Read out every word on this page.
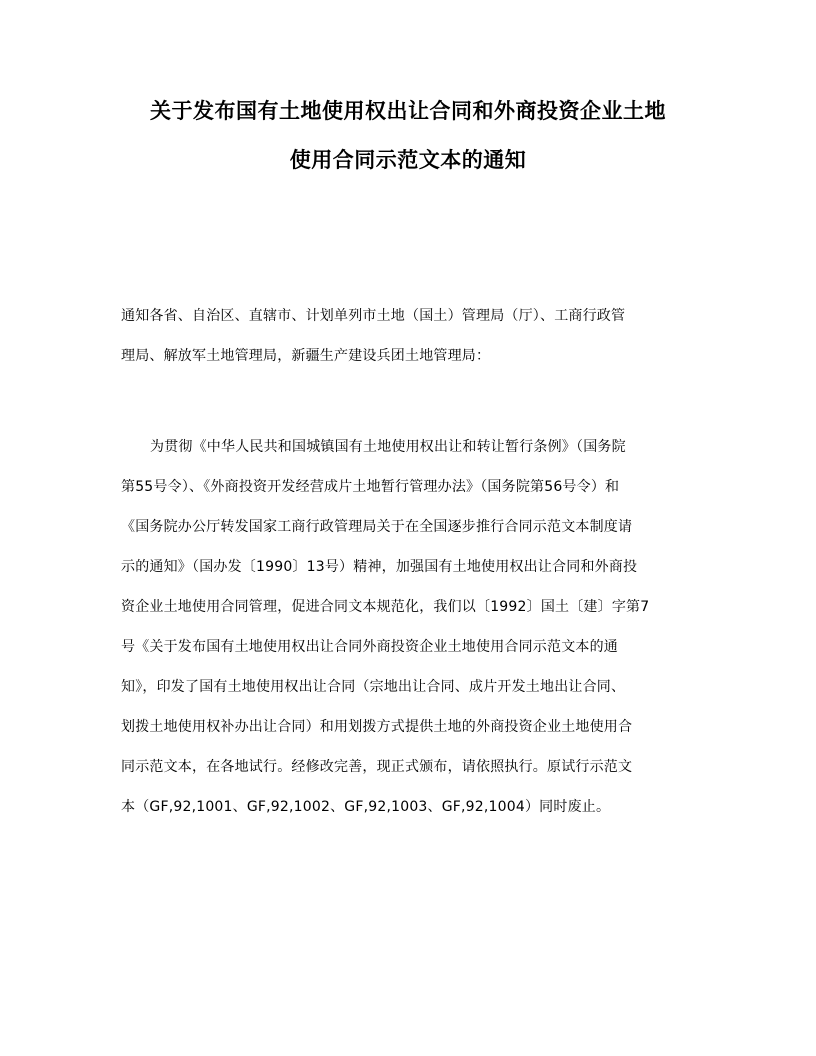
关于发布国有土地使用权出让合同和外商投资企业土地
使用合同示范文本的通知
通知各省、自治区、直辖市、计划单列市土地（国土）管理局（厅）、工商行政管
理局、解放军土地管理局，新疆生产建设兵团土地管理局：
为贯彻《中华人民共和国城镇国有土地使用权出让和转让暂行条例》（国务院
第55号令）、《外商投资开发经营成片土地暂行管理办法》（国务院第56号令）和
《国务院办公厅转发国家工商行政管理局关于在全国逐步推行合同示范文本制度请
示的通知》（国办发〔1990〕13号）精神，加强国有土地使用权出让合同和外商投
资企业土地使用合同管理，促进合同文本规范化，我们以〔1992〕国土〔建〕字第7
号《关于发布国有土地使用权出让合同外商投资企业土地使用合同示范文本的通
知》，印发了国有土地使用权出让合同（宗地出让合同、成片开发土地出让合同、
划拨土地使用权补办出让合同）和用划拨方式提供土地的外商投资企业土地使用合
同示范文本，在各地试行。经修改完善，现正式颁布，请依照执行。原试行示范文
本（GF,92,1001、GF,92,1002、GF,92,1003、GF,92,1004）同时废止。
